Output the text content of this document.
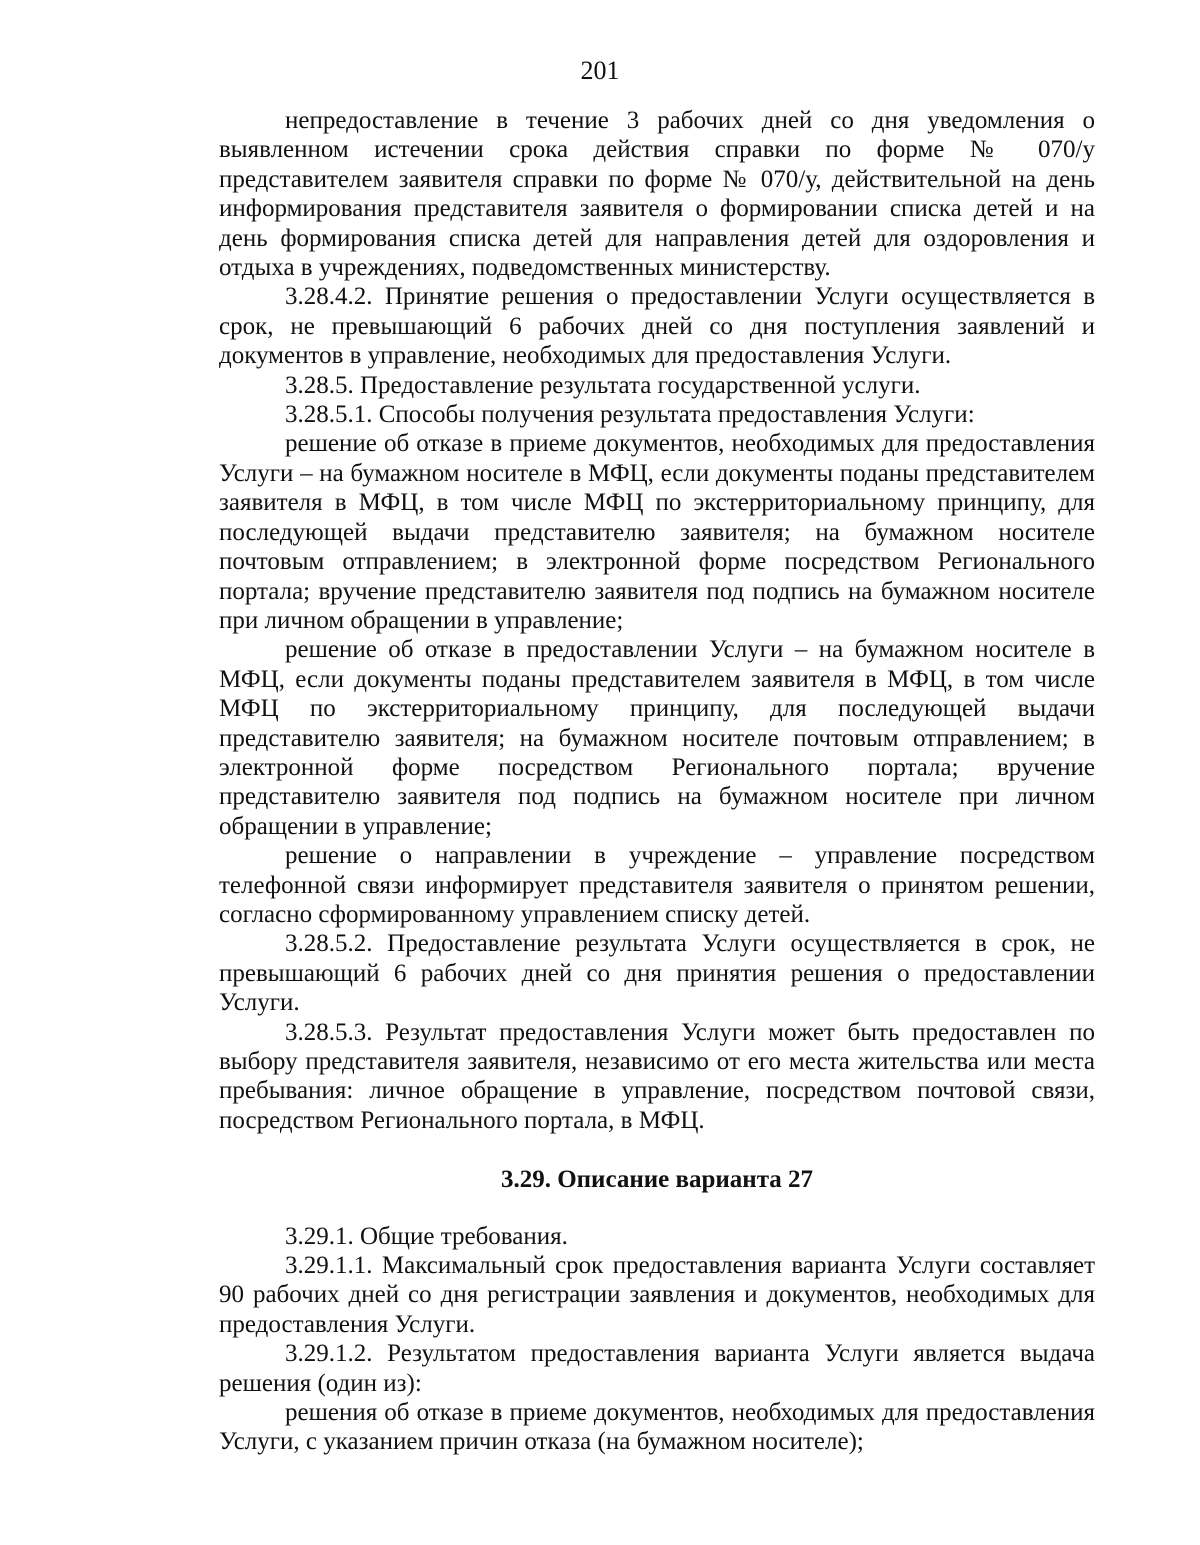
201

непредоставление в течение 3 рабочих дней со дня уведомления о выявленном истечении срока действия справки по форме № 070/у представителем заявителя справки по форме № 070/у, действительной на день информирования представителя заявителя о формировании списка детей и на день формирования списка детей для направления детей для оздоровления и отдыха в учреждениях, подведомственных министерству.

3.28.4.2. Принятие решения о предоставлении Услуги осуществляется в срок, не превышающий 6 рабочих дней со дня поступления заявлений и документов в управление, необходимых для предоставления Услуги.

3.28.5. Предоставление результата государственной услуги.

3.28.5.1. Способы получения результата предоставления Услуги:

решение об отказе в приеме документов, необходимых для предоставления Услуги – на бумажном носителе в МФЦ, если документы поданы представителем заявителя в МФЦ, в том числе МФЦ по экстерриториальному принципу, для последующей выдачи представителю заявителя; на бумажном носителе почтовым отправлением; в электронной форме посредством Регионального портала; вручение представителю заявителя под подпись на бумажном носителе при личном обращении в управление;

решение об отказе в предоставлении Услуги – на бумажном носителе в МФЦ, если документы поданы представителем заявителя в МФЦ, в том числе МФЦ по экстерриториальному принципу, для последующей выдачи представителю заявителя; на бумажном носителе почтовым отправлением; в электронной форме посредством Регионального портала; вручение представителю заявителя под подпись на бумажном носителе при личном обращении в управление;

решение о направлении в учреждение – управление посредством телефонной связи информирует представителя заявителя о принятом решении, согласно сформированному управлением списку детей.

3.28.5.2. Предоставление результата Услуги осуществляется в срок, не превышающий 6 рабочих дней со дня принятия решения о предоставлении Услуги.

3.28.5.3. Результат предоставления Услуги может быть предоставлен по выбору представителя заявителя, независимо от его места жительства или места пребывания: личное обращение в управление, посредством почтовой связи, посредством Регионального портала, в МФЦ.

3.29. Описание варианта 27

3.29.1. Общие требования.

3.29.1.1. Максимальный срок предоставления варианта Услуги составляет 90 рабочих дней со дня регистрации заявления и документов, необходимых для предоставления Услуги.

3.29.1.2. Результатом предоставления варианта Услуги является выдача решения (один из):

решения об отказе в приеме документов, необходимых для предоставления Услуги, с указанием причин отказа (на бумажном носителе);
